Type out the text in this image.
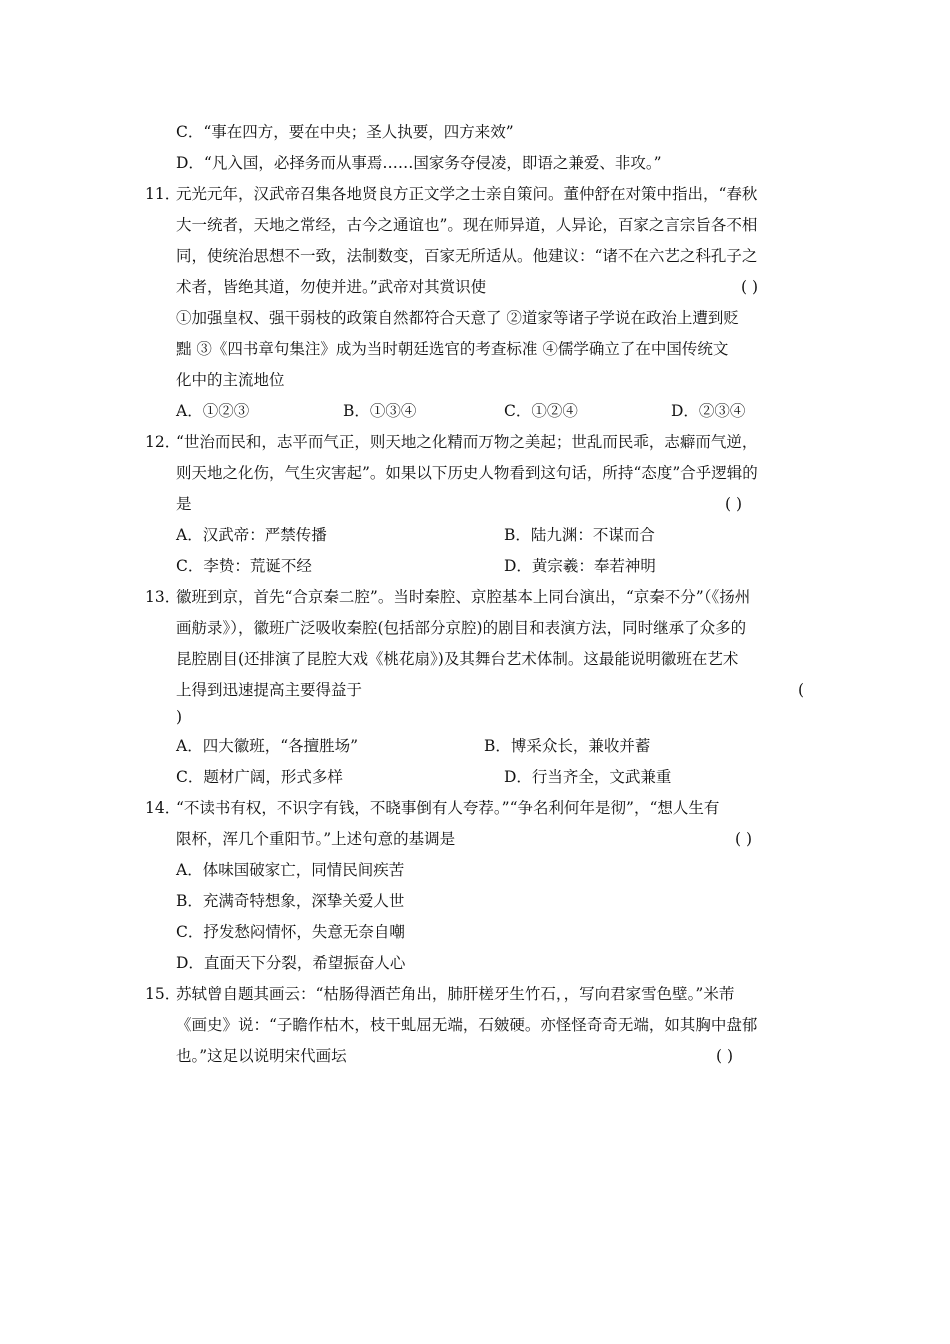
C．“事在四方，要在中央；圣人执要，四方来效”
D．“凡入国，必择务而从事焉……国家务夺侵凌，即语之兼爱、非攻。”
11．
元光元年，汉武帝召集各地贤良方正文学之士亲自策问。董仲舒在对策中指出，“春秋
大一统者，天地之常经，古今之通谊也”。现在师异道，人异论，百家之言宗旨各不相
同，使统治思想不一致，法制数变，百家无所适从。他建议：“诸不在六艺之科孔子之
术者，皆绝其道，勿使并进。”武帝对其赏识使	( )
①加强皇权、强干弱枝的政策自然都符合天意了 ②道家等诸子学说在政治上遭到贬
黜 ③《四书章句集注》成为当时朝廷选官的考查标准 ④儒学确立了在中国传统文
化中的主流地位
A．①②③	B．①③④	C．①②④	D．②③④
12．
“世治而民和，志平而气正，则天地之化精而万物之美起；世乱而民乖，志癖而气逆，
则天地之化伤，气生灾害起”。如果以下历史人物看到这句话，所持“态度”合乎逻辑的
是	( )
A．汉武帝：严禁传播	B．陆九渊：不谋而合
C．李贽：荒诞不经	D．黄宗羲：奉若神明
13．
徽班到京，首先“合京秦二腔”。当时秦腔、京腔基本上同台演出，“京秦不分”（《扬州
画舫录》），徽班广泛吸收秦腔(包括部分京腔)的剧目和表演方法，同时继承了众多的
昆腔剧目(还排演了昆腔大戏《桃花扇》)及其舞台艺术体制。这最能说明徽班在艺术
上得到迅速提高主要得益于	(
)
A．四大徽班，“各擅胜场”	B．博采众长，兼收并蓄
C．题材广阔，形式多样	D．行当齐全，文武兼重
14．
“不读书有权，不识字有钱，不晓事倒有人夸荐。”“争名利何年是彻”，“想人生有
限杯，浑几个重阳节。”上述句意的基调是	( )
A．体味国破家亡，同情民间疾苦
B．充满奇特想象，深挚关爱人世
C．抒发愁闷情怀，失意无奈自嘲
D．直面天下分裂，希望振奋人心
15．
苏轼曾自题其画云：“枯肠得酒芒角出，肺肝槎牙生竹石，，写向君家雪色壁。”米芾
《画史》说：“子瞻作枯木，枝干虬屈无端，石皴硬。亦怪怪奇奇无端，如其胸中盘郁
也。”这足以说明宋代画坛	( )
